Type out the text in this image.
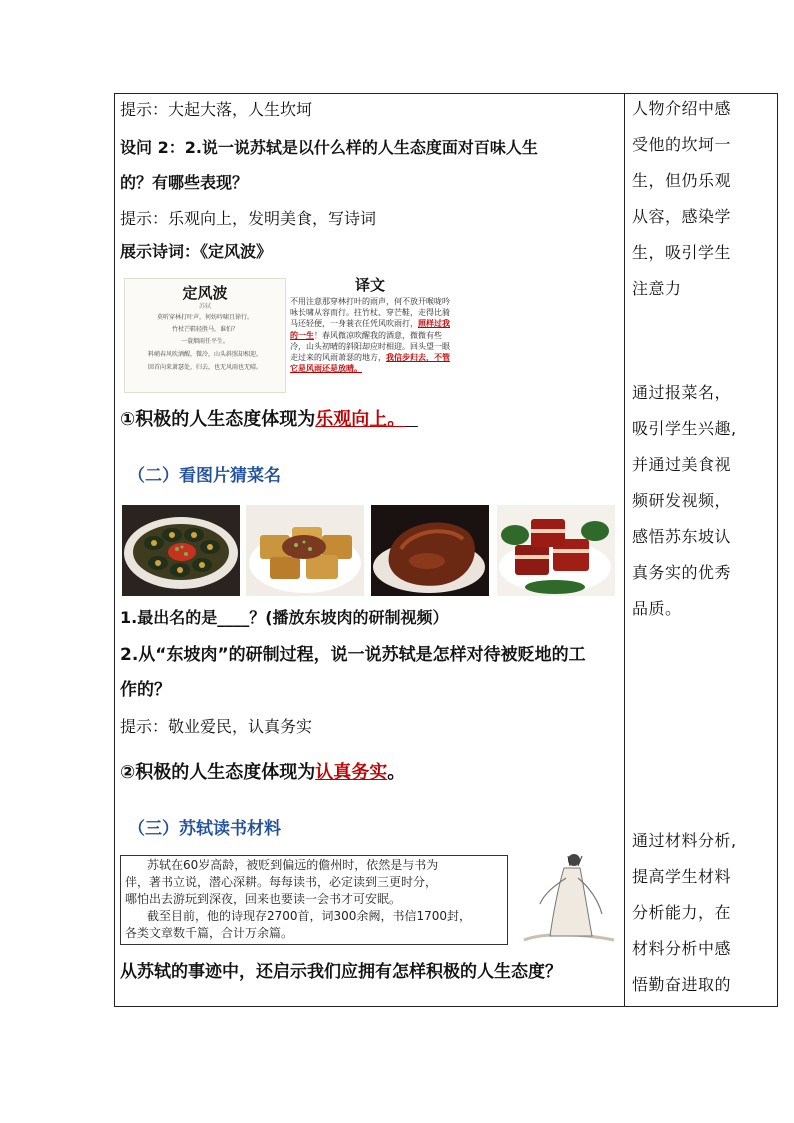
提示：大起大落，人生坎坷
设问 2：2.说一说苏轼是以什么样的人生态度面对百味人生
的？有哪些表现？
提示：乐观向上，发明美食，写诗词
展示诗词：《定风波》
定风波
苏轼
莫听穿林打叶声，何妨吟啸且徐行。
竹杖芒鞋轻胜马，谁怕？
一蓑烟雨任平生。
料峭春风吹酒醒，微冷，山头斜照却相迎。
回首向来萧瑟处，归去，也无风雨也无晴。
译文
不用注意那穿林打叶的雨声，何不放开喉咙吟咏长啸从容而行。拄竹杖、穿芒鞋，走得比骑马还轻便，一身蓑衣任凭风吹雨打，照样过我的一生！春风微凉吹醒我的酒意，微微有些冷，山头初晴的斜阳却应时相迎。回头望一眼走过来的风雨萧瑟的地方，我信步归去，不管它是风雨还是放晴。
①积极的人生态度体现为乐观向上。
（二）看图片猜菜名
1.最出名的是____？(播放东坡肉的研制视频）
2.从“东坡肉”的研制过程，说一说苏轼是怎样对待被贬地的工
作的？
提示：敬业爱民，认真务实
②积极的人生态度体现为认真务实。
（三）苏轼读书材料
苏轼在60岁高龄，被贬到偏远的儋州时，依然是与书为
伴，著书立说，潜心深耕。每每读书，必定读到三更时分，
哪怕出去游玩到深夜，回来也要读一会书才可安眠。
截至目前，他的诗现存2700首，词300余阙，书信1700封，
各类文章数千篇，合计万余篇。
从苏轼的事迹中，还启示我们应拥有怎样积极的人生态度？

人物介绍中感

受他的坎坷一

生，但仍乐观

从容，感染学

生，吸引学生

注意力

通过报菜名，

吸引学生兴趣,

并通过美食视

频研发视频，

感悟苏东坡认

真务实的优秀

品质。

通过材料分析,

提高学生材料

分析能力，在

材料分析中感

悟勤奋进取的
